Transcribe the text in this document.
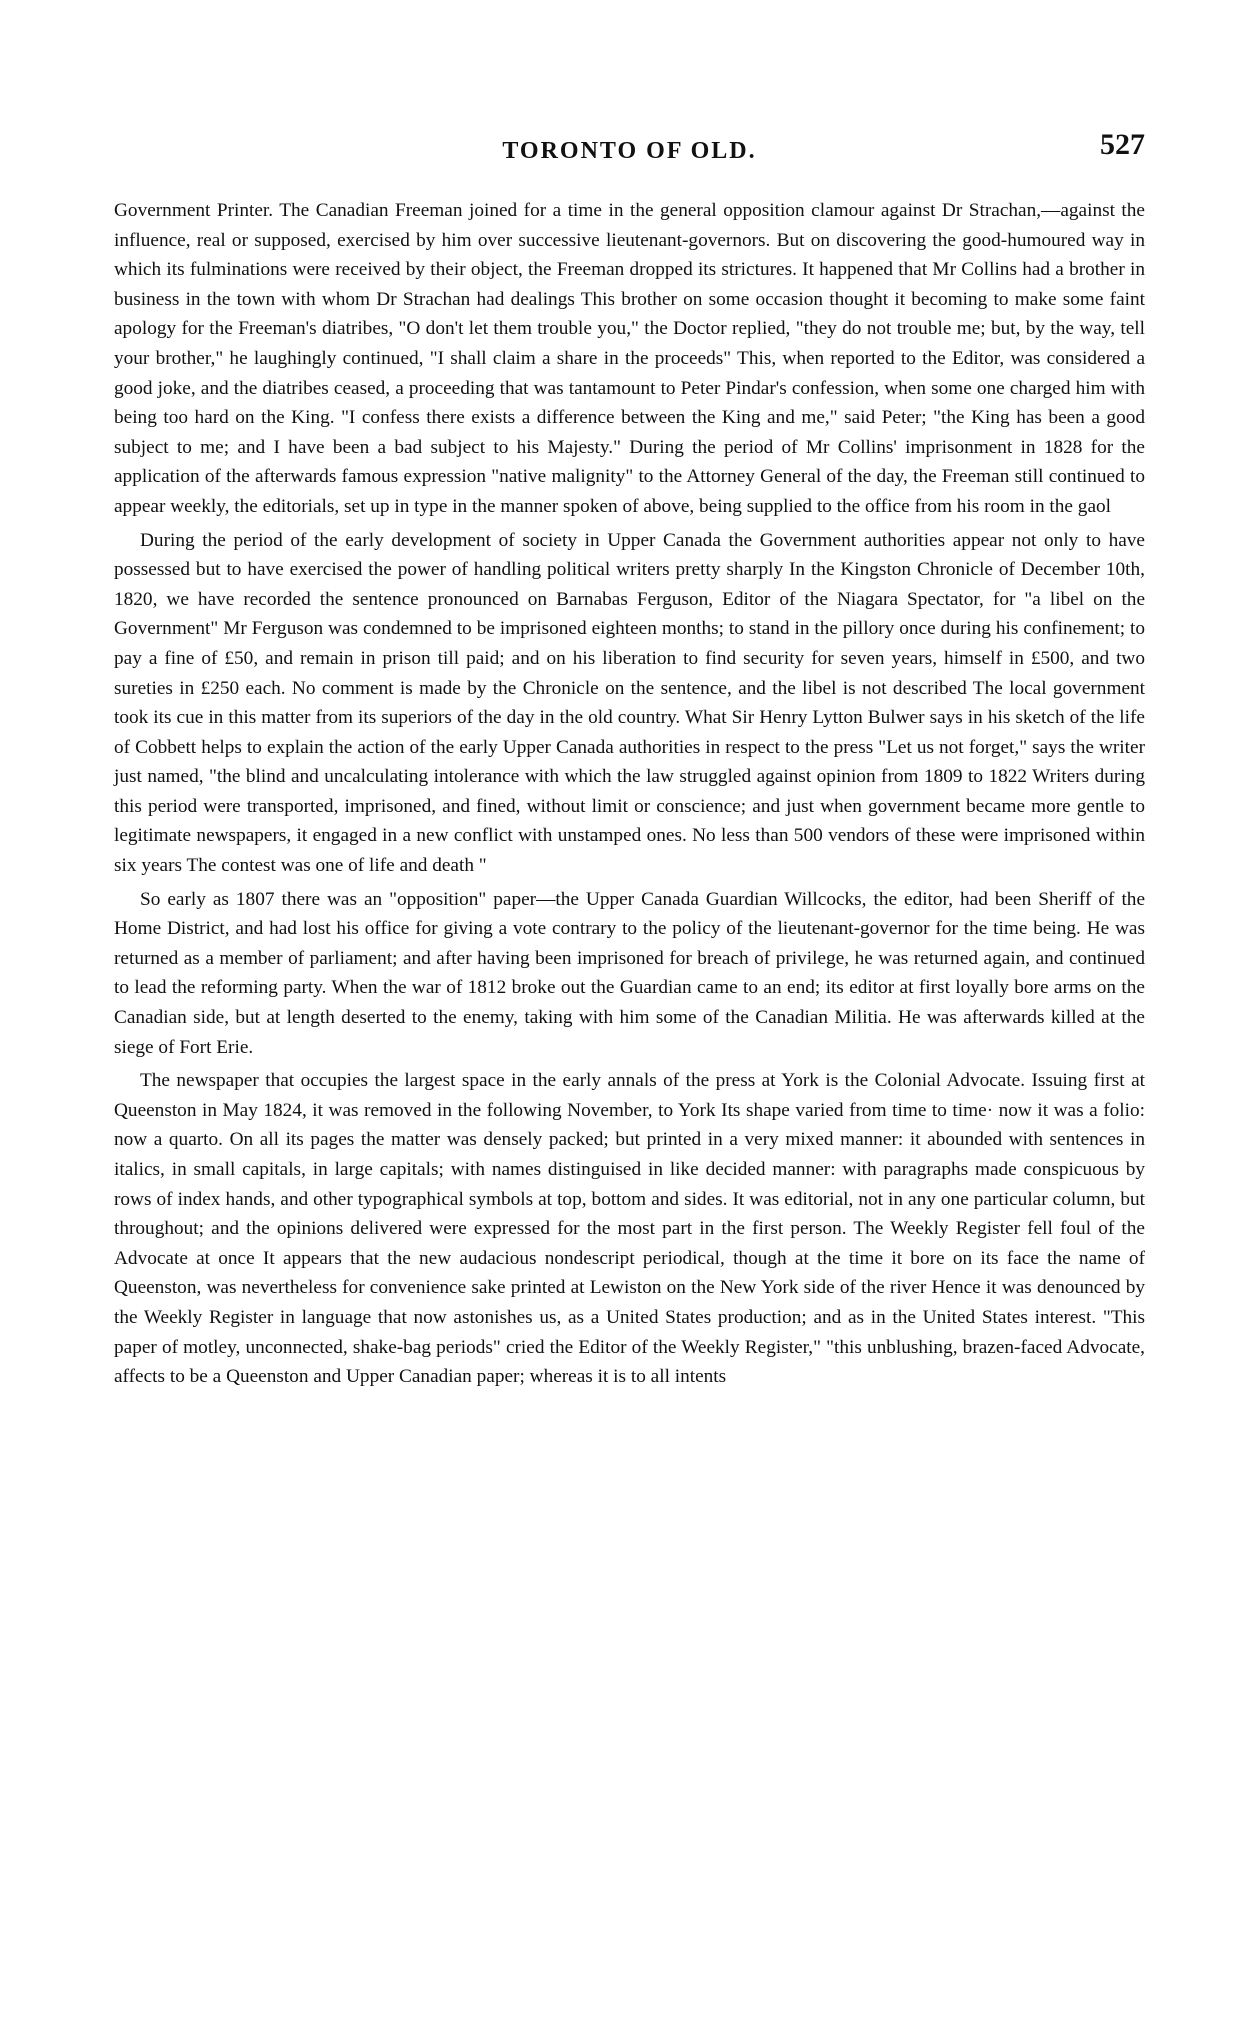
TORONTO OF OLD.	527

Government Printer. The Canadian Freeman joined for a time in the general opposition clamour against Dr Strachan,—against the influence, real or supposed, exercised by him over successive lieutenant-governors. But on discovering the good-humoured way in which its fulminations were received by their object, the Freeman dropped its strictures. It happened that Mr Collins had a brother in business in the town with whom Dr Strachan had dealings This brother on some occasion thought it becoming to make some faint apology for the Freeman's diatribes, "O don't let them trouble you," the Doctor replied, "they do not trouble me; but, by the way, tell your brother," he laughingly continued, "I shall claim a share in the proceeds" This, when reported to the Editor, was considered a good joke, and the diatribes ceased, a proceeding that was tantamount to Peter Pindar's confession, when some one charged him with being too hard on the King. "I confess there exists a difference between the King and me," said Peter; "the King has been a good subject to me; and I have been a bad subject to his Majesty." During the period of Mr Collins' imprisonment in 1828 for the application of the afterwards famous expression "native malignity" to the Attorney General of the day, the Freeman still continued to appear weekly, the editorials, set up in type in the manner spoken of above, being supplied to the office from his room in the gaol

During the period of the early development of society in Upper Canada the Government authorities appear not only to have possessed but to have exercised the power of handling political writers pretty sharply In the Kingston Chronicle of December 10th, 1820, we have recorded the sentence pronounced on Barnabas Ferguson, Editor of the Niagara Spectator, for "a libel on the Government" Mr Ferguson was condemned to be imprisoned eighteen months; to stand in the pillory once during his confinement; to pay a fine of £50, and remain in prison till paid; and on his liberation to find security for seven years, himself in £500, and two sureties in £250 each. No comment is made by the Chronicle on the sentence, and the libel is not described The local government took its cue in this matter from its superiors of the day in the old country. What Sir Henry Lytton Bulwer says in his sketch of the life of Cobbett helps to explain the action of the early Upper Canada authorities in respect to the press "Let us not forget," says the writer just named, "the blind and uncalculating intolerance with which the law struggled against opinion from 1809 to 1822 Writers during this period were transported, imprisoned, and fined, without limit or conscience; and just when government became more gentle to legitimate newspapers, it engaged in a new conflict with unstamped ones. No less than 500 vendors of these were imprisoned within six years The contest was one of life and death "

So early as 1807 there was an "opposition" paper—the Upper Canada Guardian Willcocks, the editor, had been Sheriff of the Home District, and had lost his office for giving a vote contrary to the policy of the lieutenant-governor for the time being. He was returned as a member of parliament; and after having been imprisoned for breach of privilege, he was returned again, and continued to lead the reforming party. When the war of 1812 broke out the Guardian came to an end; its editor at first loyally bore arms on the Canadian side, but at length deserted to the enemy, taking with him some of the Canadian Militia. He was afterwards killed at the siege of Fort Erie.

The newspaper that occupies the largest space in the early annals of the press at York is the Colonial Advocate. Issuing first at Queenston in May 1824, it was removed in the following November, to York Its shape varied from time to time· now it was a folio: now a quarto. On all its pages the matter was densely packed; but printed in a very mixed manner: it abounded with sentences in italics, in small capitals, in large capitals; with names distinguised in like decided manner: with paragraphs made conspicuous by rows of index hands, and other typographical symbols at top, bottom and sides. It was editorial, not in any one particular column, but throughout; and the opinions delivered were expressed for the most part in the first person. The Weekly Register fell foul of the Advocate at once It appears that the new audacious nondescript periodical, though at the time it bore on its face the name of Queenston, was nevertheless for convenience sake printed at Lewiston on the New York side of the river Hence it was denounced by the Weekly Register in language that now astonishes us, as a United States production; and as in the United States interest. "This paper of motley, unconnected, shake-bag periods" cried the Editor of the Weekly Register," "this unblushing, brazen-faced Advocate, affects to be a Queenston and Upper Canadian paper; whereas it is to all intents
